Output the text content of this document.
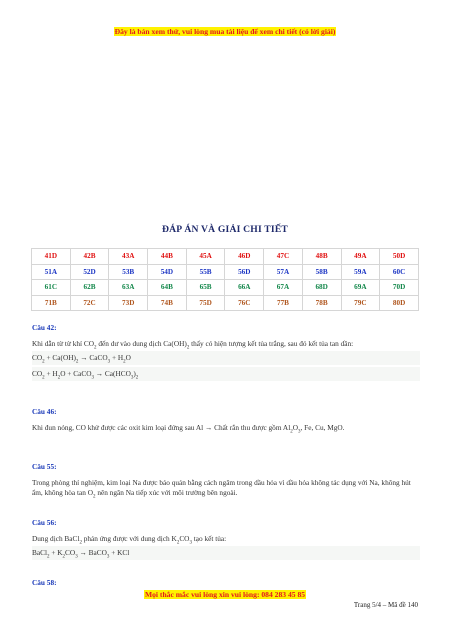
Đây là bản xem thử, vui lòng mua tài liệu để xem chi tiết (có lời giải)
ĐÁP ÁN VÀ GIẢI CHI TIẾT
41D	42B	43A	44B	45A	46D	47C	48B	49A	50D
51A	52D	53B	54D	55B	56D	57A	58B	59A	60C
61C	62B	63A	64B	65B	66A	67A	68D	69A	70D
71B	72C	73D	74B	75D	76C	77B	78B	79C	80D
Câu 42:
Khi dẫn từ từ khí $CO_2$ đến dư vào dung dịch $Ca(OH)_2$ thấy có hiện tượng kết tủa trắng, sau đó kết tủa tan dần:
$CO_2 + Ca(OH)_2$ → CaCO$_3$ + $H_2O$
$CO_2 + H_2O$ + CaCO$_3$ → $Ca(HCO_3)_2$
Câu 46:
Khi đun nóng, CO khử được các oxit kim loại đứng sau Al → Chất rắn thu được gồm $Al_2O_3$, Fe, Cu, MgO.
Câu 55:
Trong phòng thí nghiệm, kim loại Na được bảo quản bằng cách ngâm trong dầu hỏa vì dầu hỏa không tác dụng với Na, không hút ẩm, không hòa $\tan O_2$ nên ngăn Na tiếp xúc với môi trường bên ngoài.
Câu 56:
Dung dịch BaCl$_2$ phản ứng được với dung dịch $K_2CO_3$ tạo kết tủa:
BaCl$_2$ + $K_2CO_3$ → BaCO$_3$ + KCl
Câu 58:
Mọi thắc mắc vui lòng xin vui lòng: 084 283 45 85
Trang 5/4 – Mã đề 140
